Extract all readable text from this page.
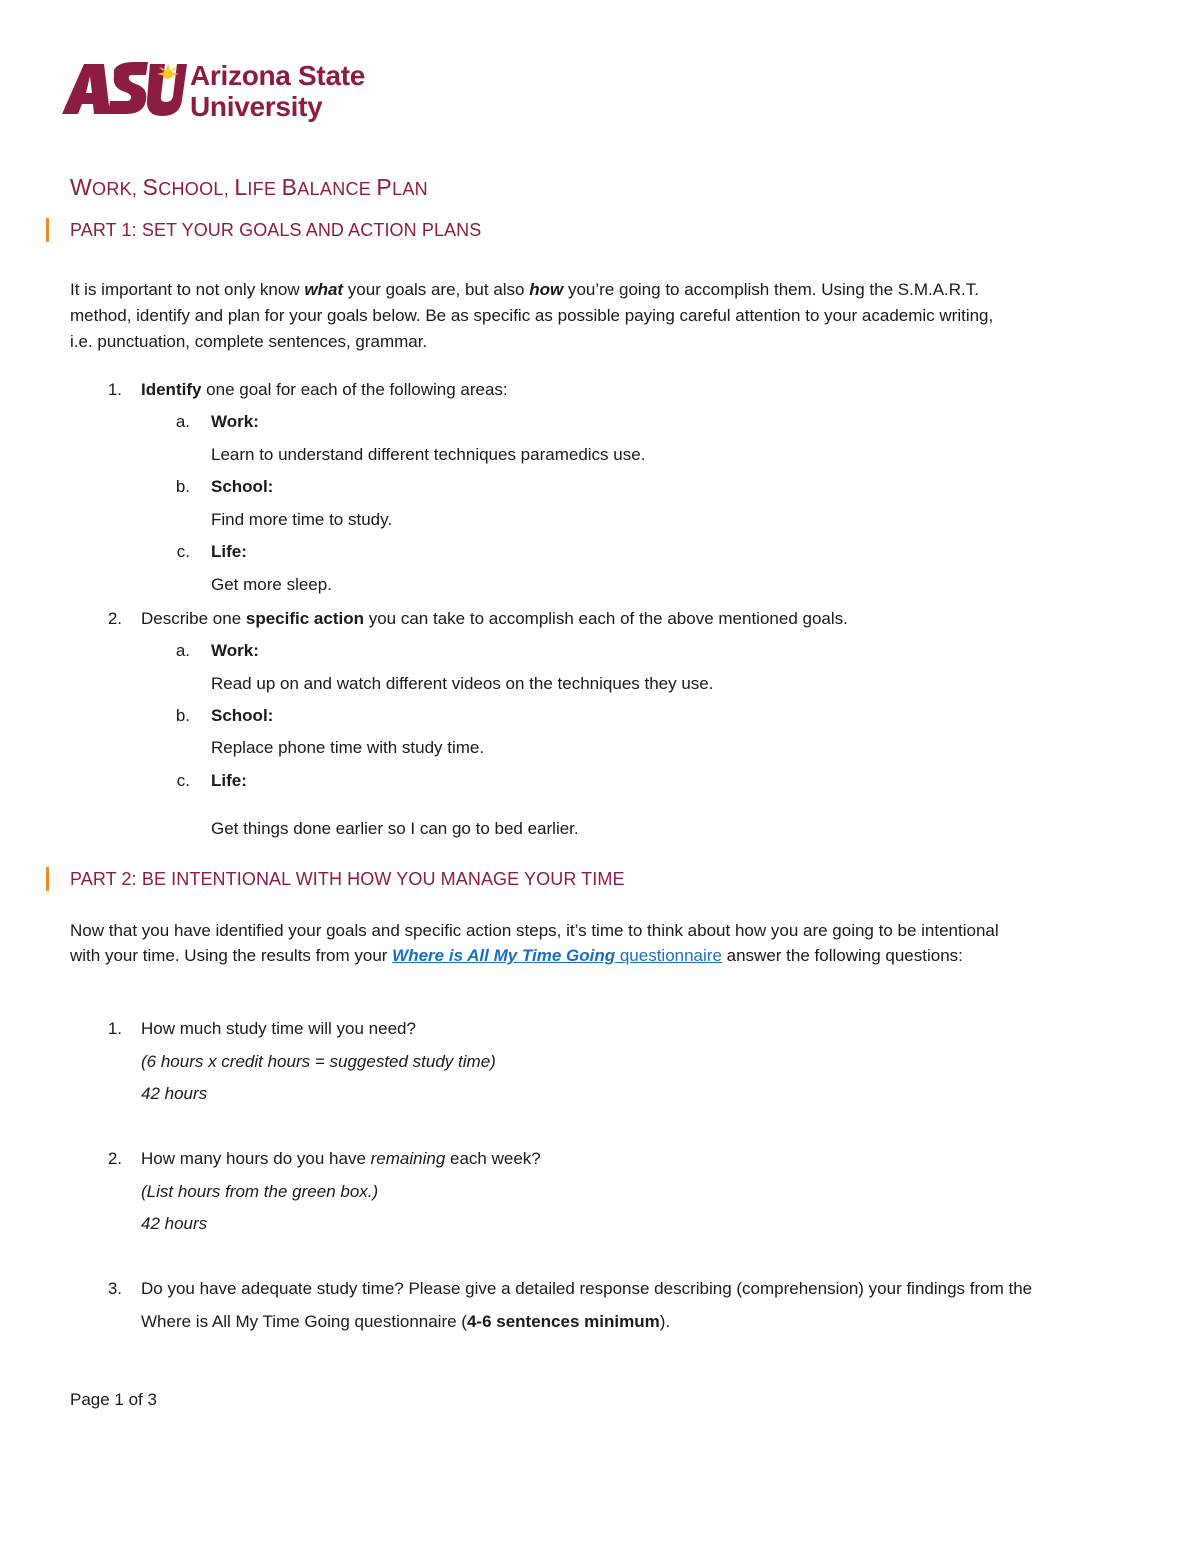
Arizona State
University
WORK, SCHOOL, LIFE BALANCE PLAN
PART 1: SET YOUR GOALS AND ACTION PLANS
It is important to not only know what your goals are, but also how you’re going to accomplish them. Using the S.M.A.R.T.
method, identify and plan for your goals below. Be as specific as possible paying careful attention to your academic writing,
i.e. punctuation, complete sentences, grammar.
1. Identify one goal for each of the following areas:
a. Work:
Learn to understand different techniques paramedics use.
b. School:
Find more time to study.
c. Life:
Get more sleep.
2. Describe one specific action you can take to accomplish each of the above mentioned goals.
a. Work:
Read up on and watch different videos on the techniques they use.
b. School:
Replace phone time with study time.
c. Life:
Get things done earlier so I can go to bed earlier.
PART 2: BE INTENTIONAL WITH HOW YOU MANAGE YOUR TIME
Now that you have identified your goals and specific action steps, it’s time to think about how you are going to be intentional
with your time. Using the results from your Where is All My Time Going questionnaire answer the following questions:
1. How much study time will you need?
(6 hours x credit hours = suggested study time)
42 hours
2. How many hours do you have remaining each week?
(List hours from the green box.)
42 hours
3. Do you have adequate study time? Please give a detailed response describing (comprehension) your findings from the
Where is All My Time Going questionnaire (4-6 sentences minimum).
Page 1 of 3
